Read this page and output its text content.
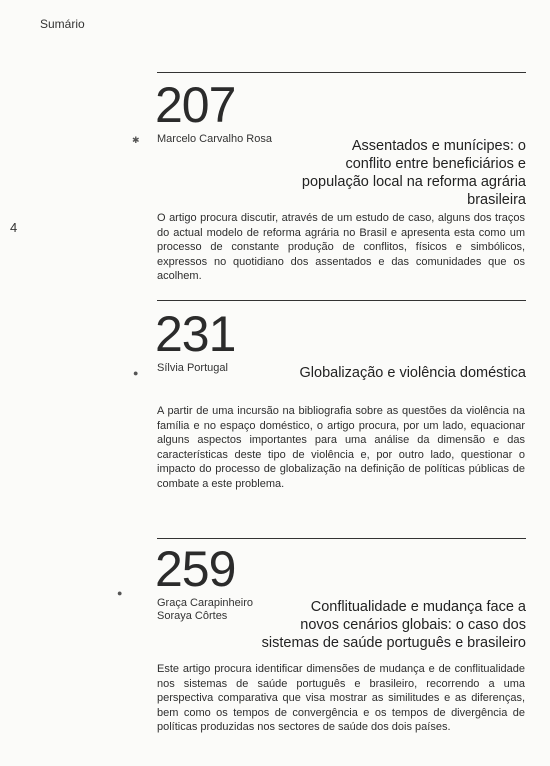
Sumário
4
207
✱ Marcelo Carvalho Rosa	Assentados e munícipes: o
conflito entre beneficiários e
população local na reforma agrária
brasileira
O artigo procura discutir, através de um estudo de caso, alguns dos traços do actual modelo de reforma agrária no Brasil e apresenta esta como um processo de constante produção de conflitos, físicos e simbólicos, expressos no quotidiano dos assentados e das comunidades que os acolhem.
231
● Sílvia Portugal	Globalização e violência doméstica
A partir de uma incursão na bibliografia sobre as questões da violência na família e no espaço doméstico, o artigo procura, por um lado, equacionar alguns aspectos importantes para uma análise da dimensão e das características deste tipo de violência e, por outro lado, questionar o impacto do processo de globalização na definição de políticas públicas de combate a este problema.
259
●
Graça Carapinheiro
Soraya Côrtes
Conflitualidade e mudança face a
novos cenários globais: o caso dos
sistemas de saúde português e brasileiro
Este artigo procura identificar dimensões de mudança e de conflitualidade nos sistemas de saúde português e brasileiro, recorrendo a uma perspectiva comparativa que visa mostrar as similitudes e as diferenças, bem como os tempos de convergência e os tempos de divergência de políticas produzidas nos sectores de saúde dos dois países.
